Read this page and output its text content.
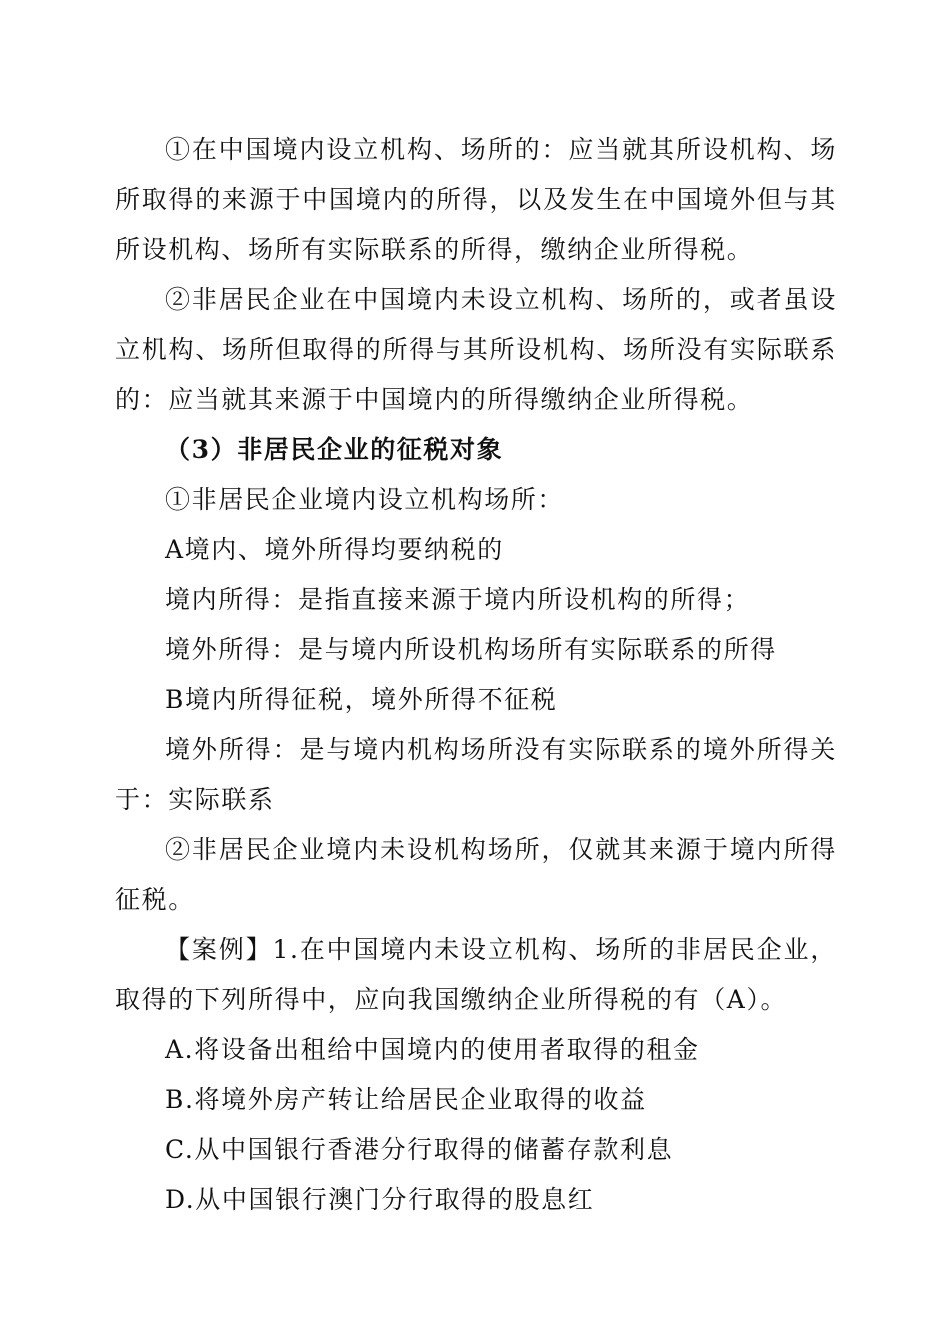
①在中国境内设立机构、场所的：应当就其所设机构、场所取得的来源于中国境内的所得，以及发生在中国境外但与其所设机构、场所有实际联系的所得，缴纳企业所得税。

②非居民企业在中国境内未设立机构、场所的，或者虽设立机构、场所但取得的所得与其所设机构、场所没有实际联系的：应当就其来源于中国境内的所得缴纳企业所得税。

（3）非居民企业的征税对象

①非居民企业境内设立机构场所：

A境内、境外所得均要纳税的

境内所得：是指直接来源于境内所设机构的所得；

境外所得：是与境内所设机构场所有实际联系的所得

B境内所得征税，境外所得不征税

境外所得：是与境内机构场所没有实际联系的境外所得关于：实际联系

②非居民企业境内未设机构场所，仅就其来源于境内所得征税。

【案例】1.在中国境内未设立机构、场所的非居民企业，取得的下列所得中，应向我国缴纳企业所得税的有（A）。

A.将设备出租给中国境内的使用者取得的租金

B.将境外房产转让给居民企业取得的收益

C.从中国银行香港分行取得的储蓄存款利息

D.从中国银行澳门分行取得的股息红
